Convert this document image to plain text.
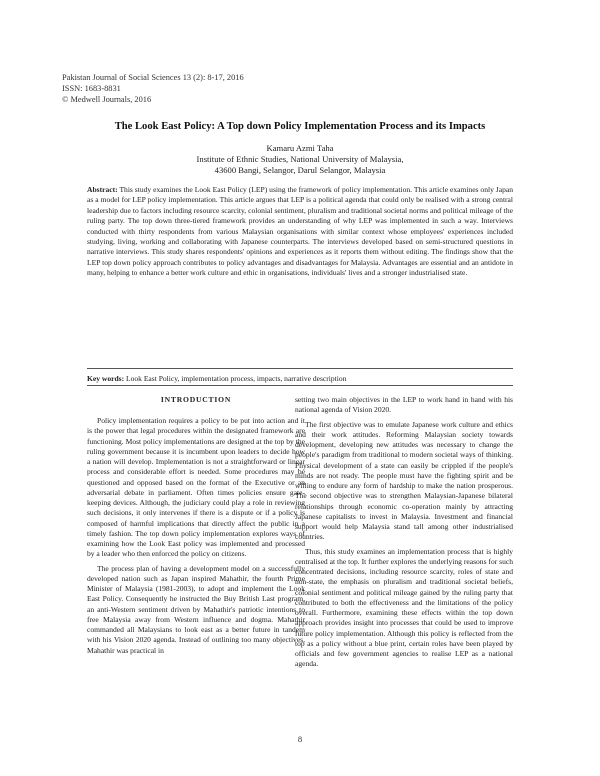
Pakistan Journal of Social Sciences 13 (2): 8-17, 2016
ISSN: 1683-8831
© Medwell Journals, 2016
The Look East Policy: A Top down Policy Implementation Process and its Impacts
Kamaru Azmi Taha
Institute of Ethnic Studies, National University of Malaysia,
43600 Bangi, Selangor, Darul Selangor, Malaysia
Abstract: This study examines the Look East Policy (LEP) using the framework of policy implementation. This article examines only Japan as a model for LEP policy implementation. This article argues that LEP is a political agenda that could only be realised with a strong central leadership due to factors including resource scarcity, colonial sentiment, pluralism and traditional societal norms and political mileage of the ruling party. The top down three-tiered framework provides an understanding of why LEP was implemented in such a way. Interviews conducted with thirty respondents from various Malaysian organisations with similar context whose employees' experiences included studying, living, working and collaborating with Japanese counterparts. The interviews developed based on semi-structured questions in narrative interviews. This study shares respondents' opinions and experiences as it reports them without editing. The findings show that the LEP top down policy approach contributes to policy advantages and disadvantages for Malaysia. Advantages are essential and an antidote in many, helping to enhance a better work culture and ethic in organisations, individuals' lives and a stronger industrialised state.
Key words: Look East Policy, implementation process, impacts, narrative description
INTRODUCTION

Policy implementation requires a policy to be put into action and it is the power that legal procedures within the designated framework are functioning. Most policy implementations are designed at the top by the ruling government because it is incumbent upon leaders to decide how a nation will develop. Implementation is not a straightforward or linear process and considerable effort is needed. Some procedures may be questioned and opposed based on the format of the Executive or an adversarial debate in parliament. Often times policies ensure gate-keeping devices. Although, the judiciary could play a role in reviewing such decisions, it only intervenes if there is a dispute or if a policy is composed of harmful implications that directly affect the public in a timely fashion. The top down policy implementation explores ways of examining how the Look East policy was implemented and processed by a leader who then enforced the policy on citizens.

The process plan of having a development model on a successfully developed nation such as Japan inspired Mahathir, the fourth Prime Minister of Malaysia (1981-2003), to adopt and implement the Look East Policy. Consequently he instructed the Buy British Last program, an anti-Western sentiment driven by Mahathir's patriotic intentions to free Malaysia away from Western influence and dogma. Mahathir commanded all Malaysians to look east as a better future in tandem with his Vision 2020 agenda. Instead of outlining too many objectives, Mahathir was practical in

setting two main objectives in the LEP to work hand in hand with his national agenda of Vision 2020.

The first objective was to emulate Japanese work culture and ethics and their work attitudes. Reforming Malaysian society towards development, developing new attitudes was necessary to change the people's paradigm from traditional to modern societal ways of thinking. Physical development of a state can easily be crippled if the people's minds are not ready. The people must have the fighting spirit and be willing to endure any form of hardship to make the nation prosperous. The second objective was to strengthen Malaysian-Japanese bilateral relationships through economic co-operation mainly by attracting Japanese capitalists to invest in Malaysia. Investment and financial support would help Malaysia stand tall among other industrialised countries.

Thus, this study examines an implementation process that is highly centralised at the top. It further explores the underlying reasons for such concentrated decisions, including resource scarcity, roles of state and non-state, the emphasis on pluralism and traditional societal beliefs, colonial sentiment and political mileage gained by the ruling party that contributed to both the effectiveness and the limitations of the policy overall. Furthermore, examining these effects within the top down approach provides insight into processes that could be used to improve future policy implementation. Although this policy is reflected from the top as a policy without a blue print, certain roles have been played by officials and few government agencies to realise LEP as a national agenda.

8
